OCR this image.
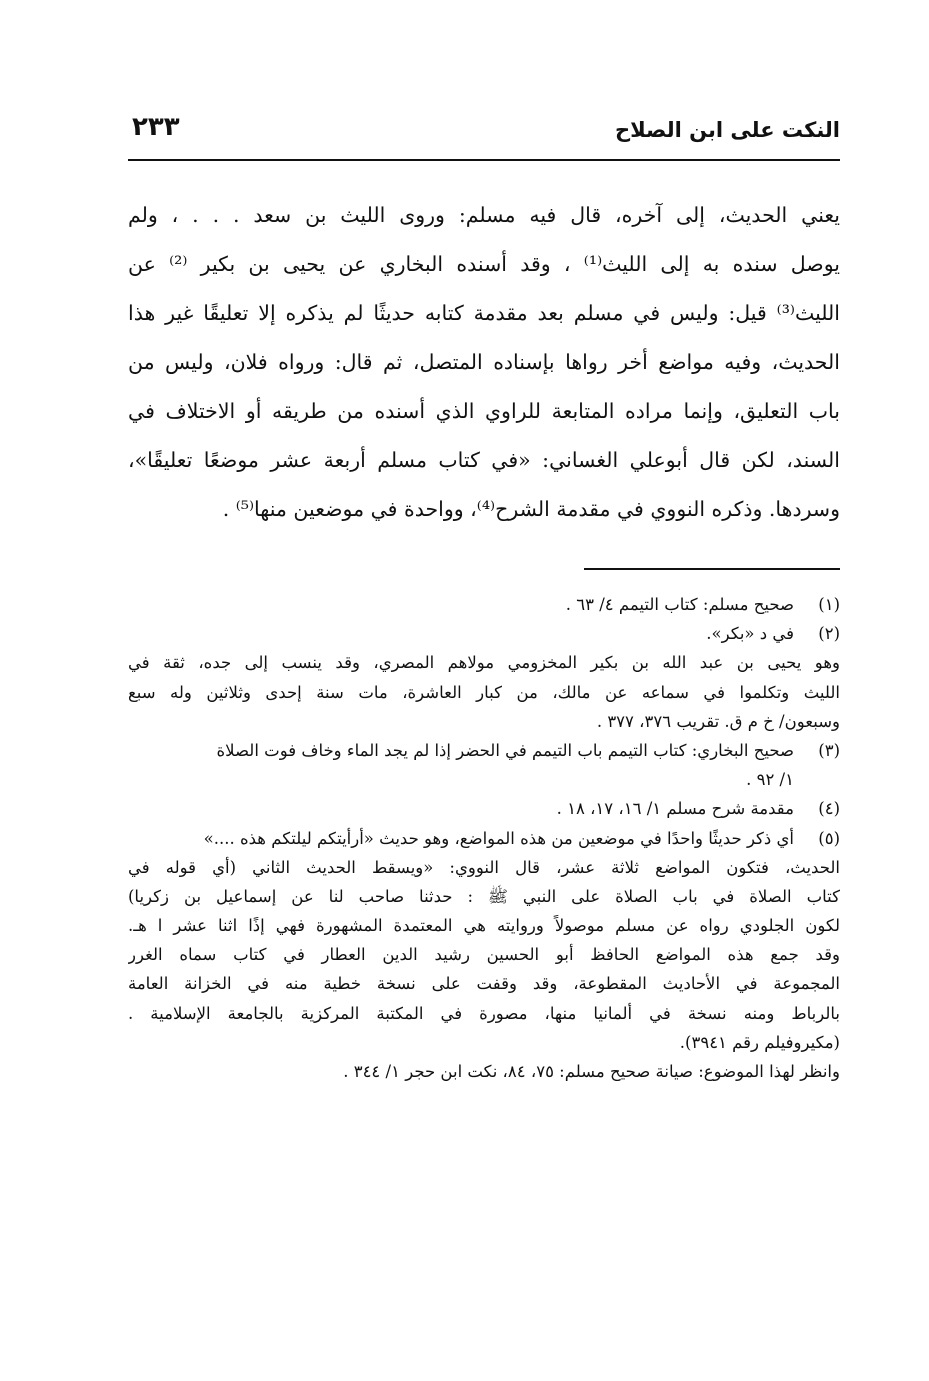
النكت على ابن الصلاح
٢٣٣
يعني الحديث، إلى آخره، قال فيه مسلم: وروى الليث بن سعد . . . ، ولم
يوصل سنده به إلى الليث⁽¹⁾ ، وقد أسنده البخاري عن يحيى بن بكير ⁽²⁾ عن
الليث⁽³⁾ قيل: وليس في مسلم بعد مقدمة كتابه حديثًا لم يذكره إلا تعليقًا غير هذا
الحديث، وفيه مواضع أخر رواها بإسناده المتصل، ثم قال: ورواه فلان، وليس من
باب التعليق، وإنما مراده المتابعة للراوي الذي أسنده من طريقه أو الاختلاف في
السند، لكن قال أبوعلي الغساني: «في كتاب مسلم أربعة عشر موضعًا تعليقًا»،
وسردها. وذكره النووي في مقدمة الشرح⁽⁴⁾، وواحدة في موضعين منها⁽⁵⁾ .
(١)صحيح مسلم: كتاب التيمم ٤/ ٦٣ .
(٢)في د «بكر».
وهو يحيى بن عبد الله بن بكير المخزومي مولاهم المصري، وقد ينسب إلى جده، ثقة في
الليث وتكلموا في سماعه عن مالك، من كبار العاشرة، مات سنة إحدى وثلاثين وله سبع
وسبعون/ خ م ق. تقريب ٣٧٦، ٣٧٧ .
(٣)صحيح البخاري: كتاب التيمم باب التيمم في الحضر إذا لم يجد الماء وخاف فوت الصلاة
١/ ٩٢ .
(٤)مقدمة شرح مسلم ١/ ١٦، ١٧، ١٨ .
(٥)أي ذكر حديثًا واحدًا في موضعين من هذه المواضع، وهو حديث «أرأيتكم ليلتكم هذه ....»
الحديث، فتكون المواضع ثلاثة عشر، قال النووي: «ويسقط الحديث الثاني (أي قوله في
كتاب الصلاة في باب الصلاة على النبي ﷺ : حدثنا صاحب لنا عن إسماعيل بن زكريا)
لكون الجلودي رواه عن مسلم موصولاً وروايته هي المعتمدة المشهورة فهي إذًا اثنا عشر ا هـ.
وقد جمع هذه المواضع الحافظ أبو الحسين رشيد الدين العطار في كتاب سماه الغرر
المجموعة في الأحاديث المقطوعة، وقد وقفت على نسخة خطية منه في الخزانة العامة
بالرباط ومنه نسخة في ألمانيا منها، مصورة في المكتبة المركزية بالجامعة الإسلامية .
(مكيروفيلم رقم ٣٩٤١).
وانظر لهذا الموضوع: صيانة صحيح مسلم: ٧٥، ٨٤، نكت ابن حجر ١/ ٣٤٤ .
